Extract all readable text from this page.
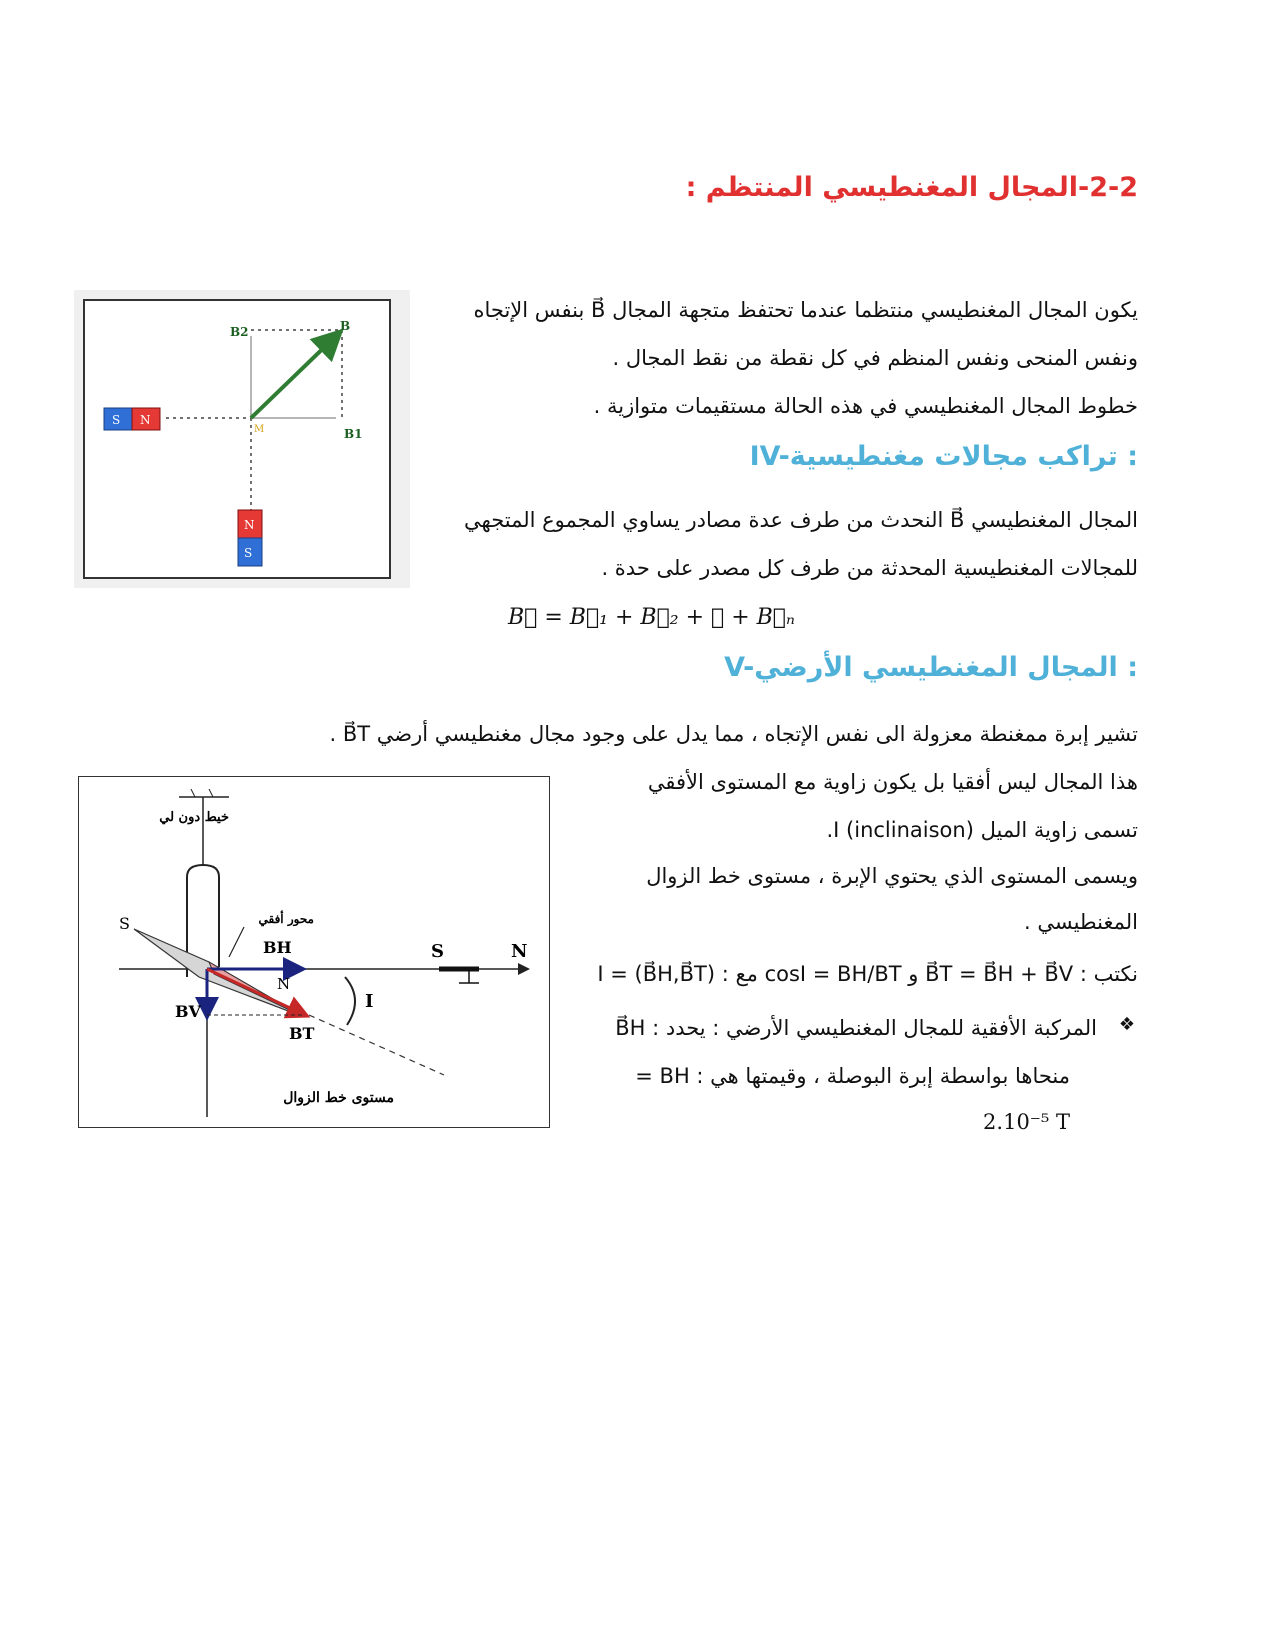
2-2-المجال المغنطيسي المنتظم :
يكون المجال المغنطيسي منتظما عندما تحتفظ متجهة المجال B⃗ بنفس الإتجاه
ونفس المنحى ونفس المنظم في كل نقطة من نقط المجال .
خطوط المجال المغنطيسي في هذه الحالة مستقيمات متوازية .
B
B2
B1
M
S N
N
S
IV-تراكب مجالات مغنطيسية :
المجال المغنطيسي B⃗ النحدث من طرف عدة مصادر يساوي المجموع المتجهي
للمجالات المغنطيسية المحدثة من طرف كل مصدر على حدة .
B⃗ = B⃗₁ + B⃗₂ + ⋯ + B⃗ₙ
V-المجال المغنطيسي الأرضي :
تشير إبرة ممغنطة معزولة الى نفس الإتجاه ، مما يدل على وجود مجال مغنطيسي أرضي B⃗T .
هذا المجال ليس أفقيا بل يكون زاوية مع المستوى الأفقي
تسمى زاوية الميل I (inclinaison).
ويسمى المستوى الذي يحتوي الإبرة ، مستوى خط الزوال
المغنطيسي .
نكتب : B⃗T = B⃗H + B⃗V و cosI = BH/BT مع : I = (B⃗H,B⃗T)
❖
B⃗H : المركبة الأفقية للمجال المغنطيسي الأرضي : يحدد
منحاها بواسطة إبرة البوصلة ، وقيمتها هي : BH =
2.10⁻⁵ T
خيط دون لي
محور أفقي
مستوى خط الزوال
S
S	N
N
BH
BV
BT
I
